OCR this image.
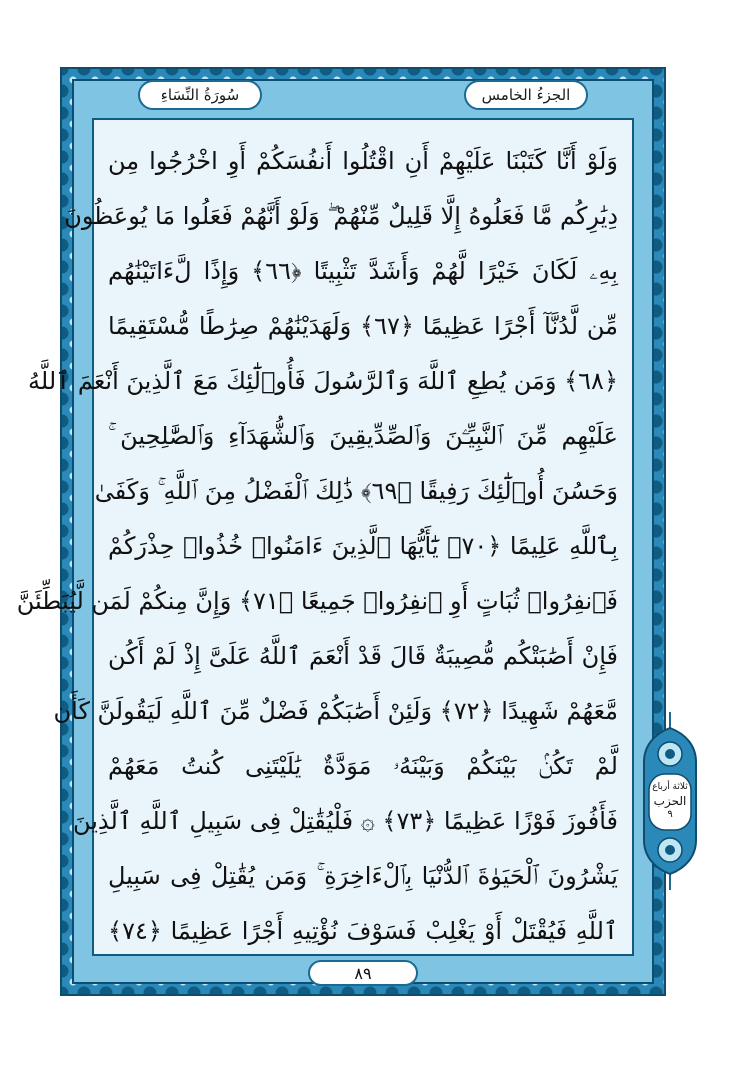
الجزءُ الخامس
سُورَةُ النِّسَاءِ
وَلَوْ أَنَّا كَتَبْنَا عَلَيْهِمْ أَنِ اقْتُلُوا أَنفُسَكُمْ أَوِ اخْرُجُوا مِن
دِيَٰرِكُم مَّا فَعَلُوهُ إِلَّا قَلِيلٌ مِّنْهُمْ ۖ وَلَوْ أَنَّهُمْ فَعَلُوا مَا يُوعَظُونَ
بِهِۦ لَكَانَ خَيْرًا لَّهُمْ وَأَشَدَّ تَثْبِيتًا ﴿٦٦﴾ وَإِذًا لَّءَاتَيْنَٰهُم
مِّن لَّدُنَّآ أَجْرًا عَظِيمًا ﴿٦٧﴾ وَلَهَدَيْنَٰهُمْ صِرَٰطًا مُّسْتَقِيمًا
﴿٦٨﴾ وَمَن يُطِعِ ٱللَّهَ وَٱلرَّسُولَ فَأُو۟لَٰٓئِكَ مَعَ ٱلَّذِينَ أَنْعَمَ ٱللَّهُ
عَلَيْهِم مِّنَ ٱلنَّبِيِّـۧنَ وَٱلصِّدِّيقِينَ وَٱلشُّهَدَآءِ وَٱلصَّٰلِحِينَ ۚ
وَحَسُنَ أُو۟لَٰٓئِكَ رَفِيقًا ﴿٦٩﴾ ذَٰلِكَ ٱلْفَضْلُ مِنَ ٱللَّهِ ۚ وَكَفَىٰ
بِٱللَّهِ عَلِيمًا ﴿٧٠﴾ يَٰٓأَيُّهَا ٱلَّذِينَ ءَامَنُوا۟ خُذُوا۟ حِذْرَكُمْ
فَٱنفِرُوا۟ ثُبَاتٍ أَوِ ٱنفِرُوا۟ جَمِيعًا ﴿٧١﴾ وَإِنَّ مِنكُمْ لَمَن لَّيُبَطِّئَنَّ
فَإِنْ أَصَٰبَتْكُم مُّصِيبَةٌ قَالَ قَدْ أَنْعَمَ ٱللَّهُ عَلَىَّ إِذْ لَمْ أَكُن
مَّعَهُمْ شَهِيدًا ﴿٧٢﴾ وَلَئِنْ أَصَٰبَكُمْ فَضْلٌ مِّنَ ٱللَّهِ لَيَقُولَنَّ كَأَن
لَّمْ تَكُنۢ بَيْنَكُمْ وَبَيْنَهُۥ مَوَدَّةٌ يَٰلَيْتَنِى كُنتُ مَعَهُمْ
فَأَفُوزَ فَوْزًا عَظِيمًا ﴿٧٣﴾ ۞ فَلْيُقَٰتِلْ فِى سَبِيلِ ٱللَّهِ ٱلَّذِينَ
يَشْرُونَ ٱلْحَيَوٰةَ ٱلدُّنْيَا بِٱلْءَاخِرَةِ ۚ وَمَن يُقَٰتِلْ فِى سَبِيلِ
ٱللَّهِ فَيُقْتَلْ أَوْ يَغْلِبْ فَسَوْفَ نُؤْتِيهِ أَجْرًا عَظِيمًا ﴿٧٤﴾
٨٩
ثلاثة أرباع
الحزب
٩
